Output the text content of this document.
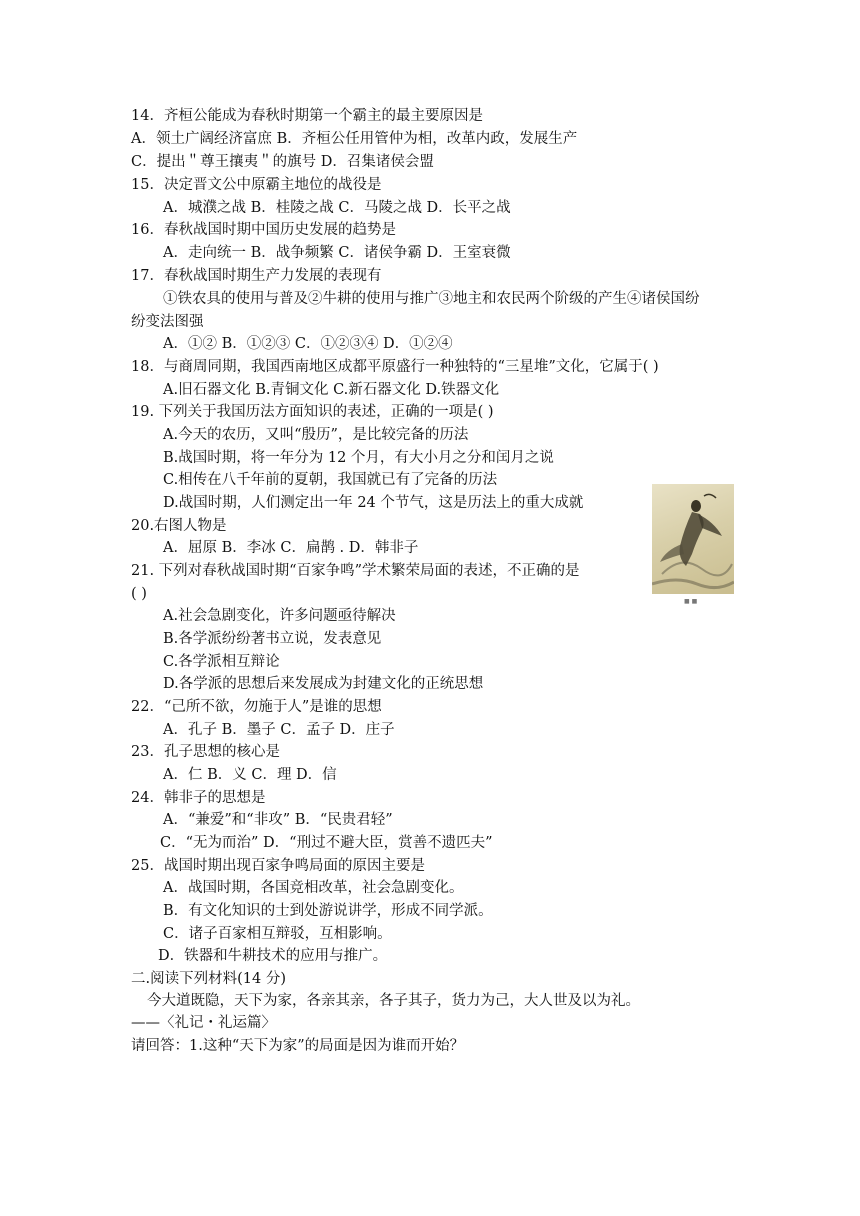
14．齐桓公能成为春秋时期第一个霸主的最主要原因是
A．领土广阔经济富庶 B．齐桓公任用管仲为相，改革内政，发展生产
C．提出＂尊王攘夷＂的旗号 D．召集诸侯会盟
15．决定晋文公中原霸主地位的战役是
A．城濮之战 B．桂陵之战 C．马陵之战 D．长平之战
16．春秋战国时期中国历史发展的趋势是
A．走向统一 B．战争频繁 C．诸侯争霸 D．王室衰微
17．春秋战国时期生产力发展的表现有
①铁农具的使用与普及②牛耕的使用与推广③地主和农民两个阶级的产生④诸侯国纷
纷变法图强
A．①② B．①②③ C．①②③④ D．①②④
18．与商周同期，我国西南地区成都平原盛行一种独特的“三星堆”文化，它属于( )
A.旧石器文化 B.青铜文化 C.新石器文化 D.铁器文化
19. 下列关于我国历法方面知识的表述，正确的一项是( )
A.今天的农历，又叫“殷历”，是比较完备的历法
B.战国时期，将一年分为 12 个月，有大小月之分和闰月之说
C.相传在八千年前的夏朝，我国就已有了完备的历法
D.战国时期，人们测定出一年 24 个节气，这是历法上的重大成就
20.右图人物是
A．屈原 B．李冰 C．扁鹊 . D．韩非子
21. 下列对春秋战国时期“百家争鸣”学术繁荣局面的表述，不正确的是
( )
A.社会急剧变化，许多问题亟待解决
B.各学派纷纷著书立说，发表意见
C.各学派相互辩论
D.各学派的思想后来发展成为封建文化的正统思想
22．“己所不欲，勿施于人”是谁的思想
A．孔子 B．墨子 C．孟子 D．庄子
23．孔子思想的核心是
A．仁 B．义 C．理 D．信
24．韩非子的思想是
A．“兼爱”和“非攻” B．“民贵君轻”
C．“无为而治” D．“刑过不避大臣，赏善不遗匹夫”
25．战国时期出现百家争鸣局面的原因主要是
A．战国时期，各国竞相改革，社会急剧变化。
B．有文化知识的士到处游说讲学，形成不同学派。
C．诸子百家相互辩驳，互相影响。
D．铁器和牛耕技术的应用与推广。
二.阅读下列材料(14 分)
今大道既隐，天下为家，各亲其亲，各子其子，货力为己，大人世及以为礼。
——〈礼记・礼运篇〉
请回答：1.这种“天下为家”的局面是因为谁而开始？
■ ■
